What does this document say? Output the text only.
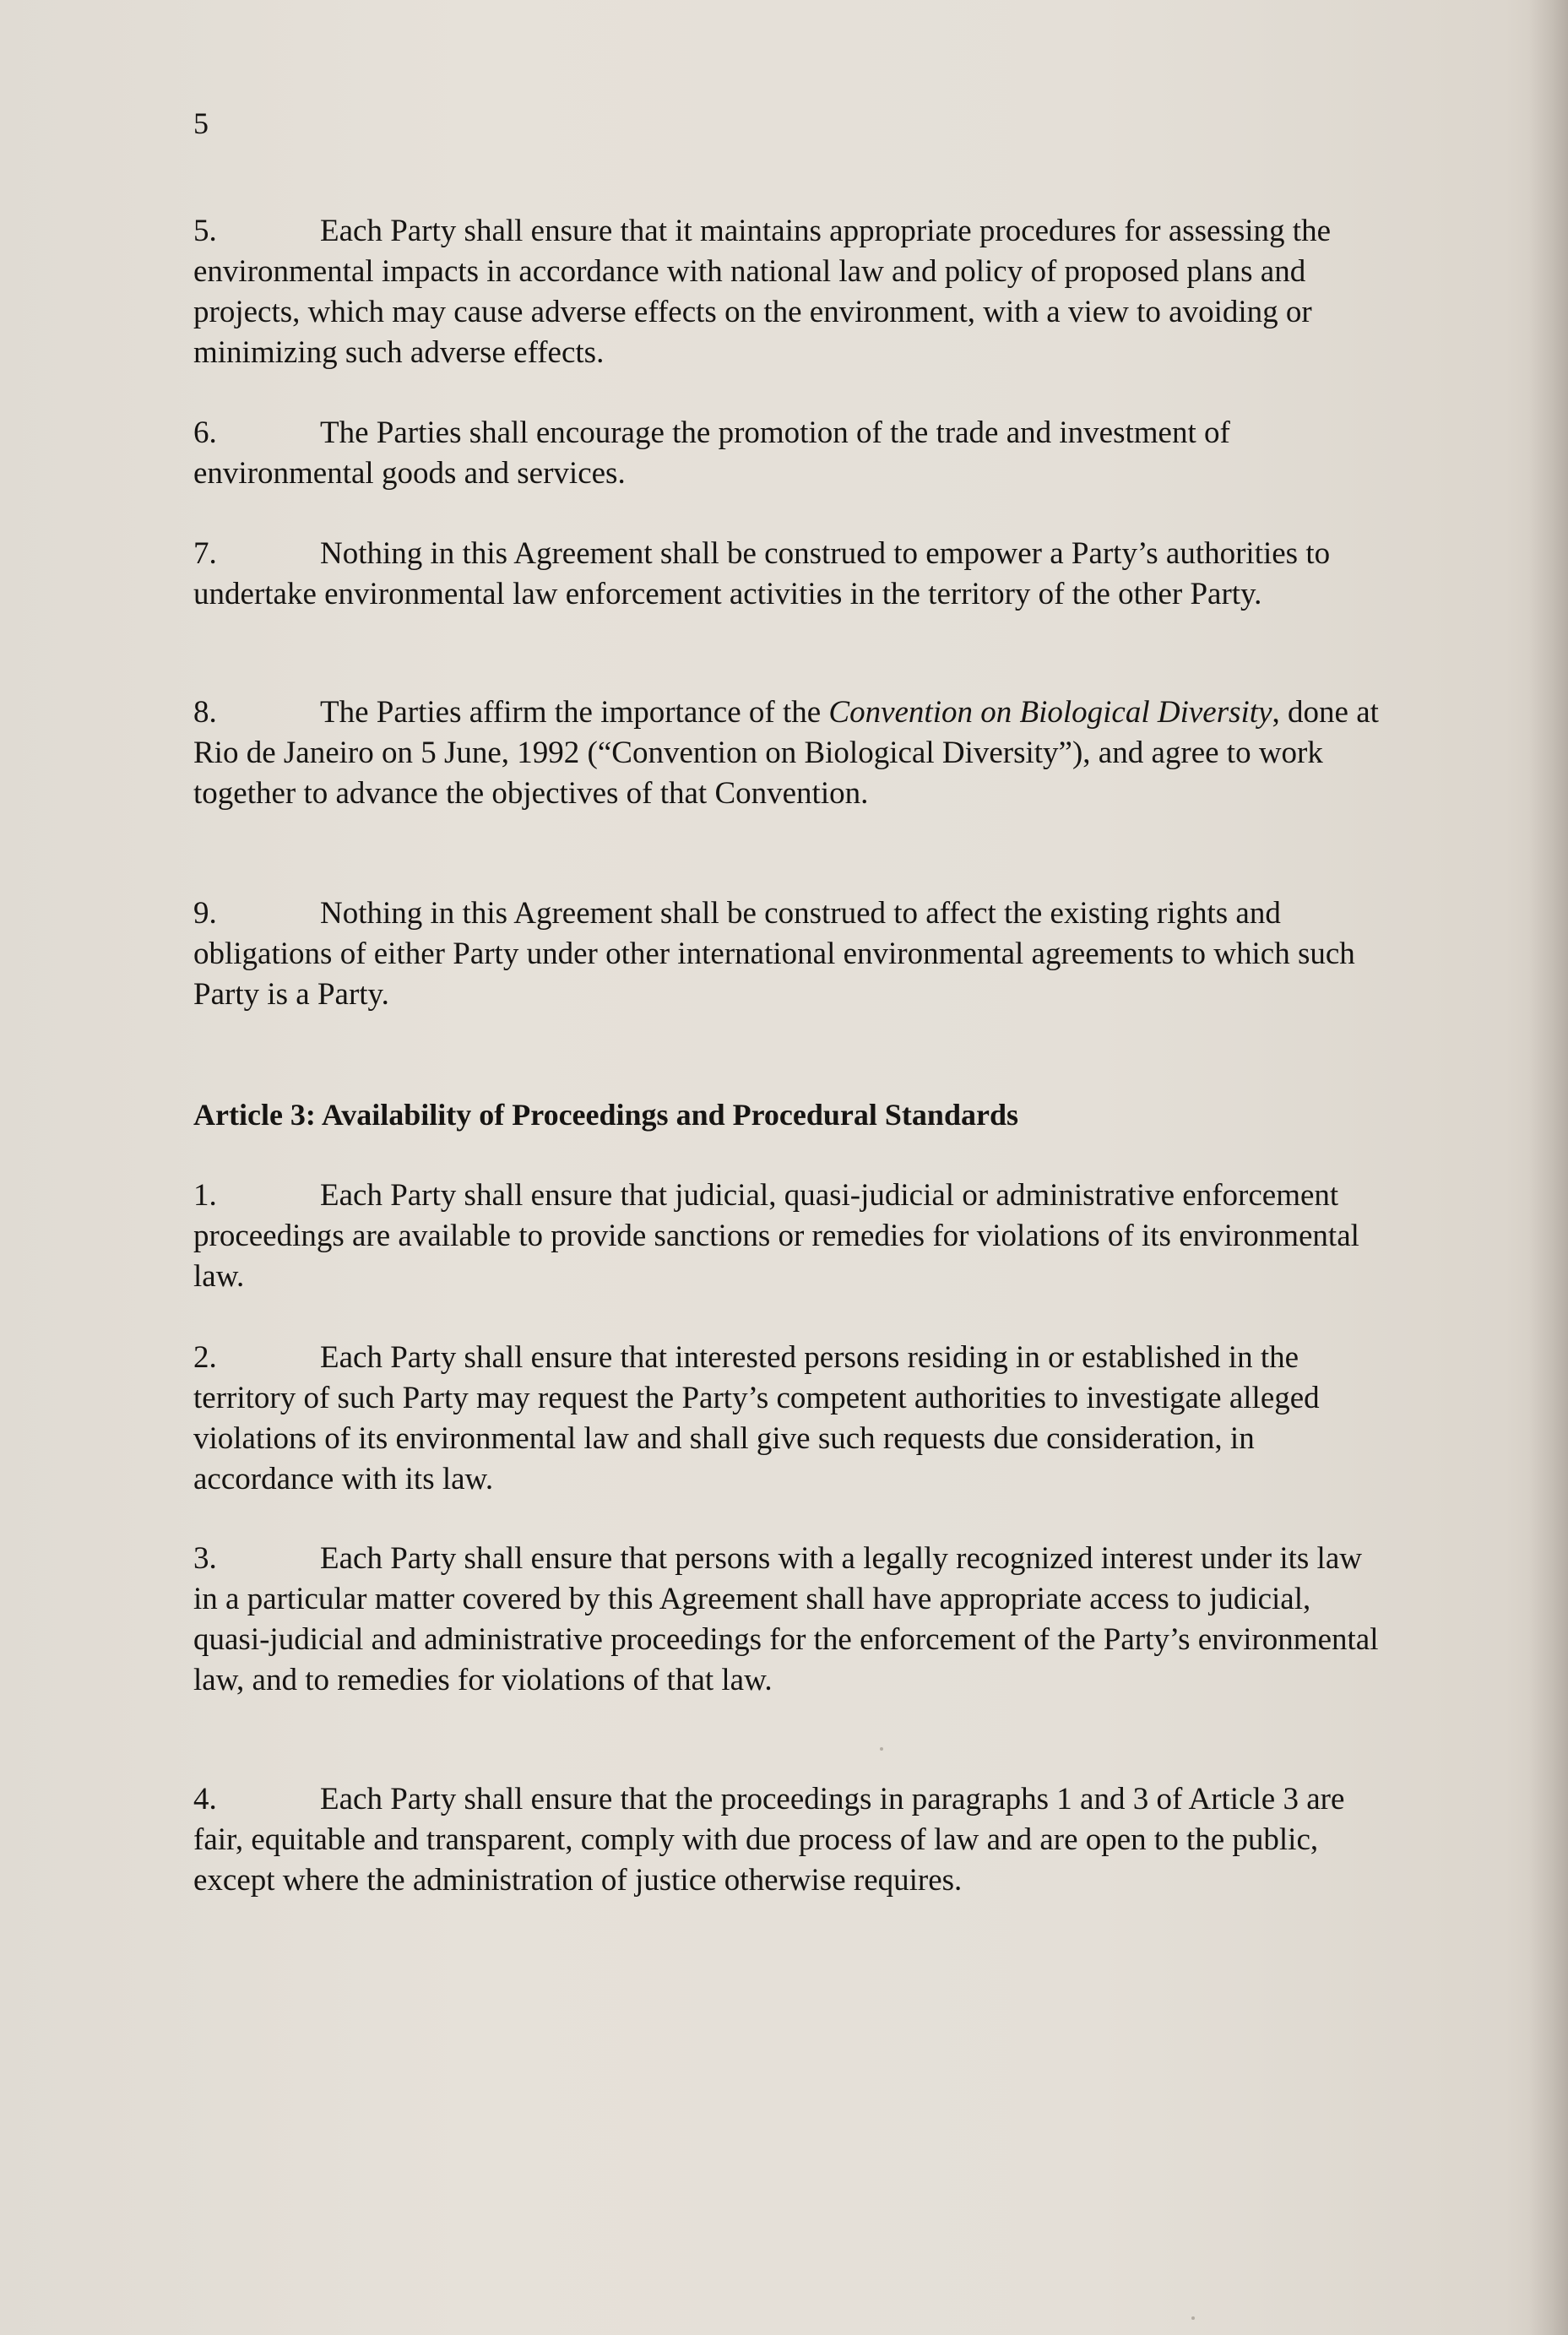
5

5.	Each Party shall ensure that it maintains appropriate procedures for assessing the environmental impacts in accordance with national law and policy of proposed plans and projects, which may cause adverse effects on the environment, with a view to avoiding or minimizing such adverse effects.

6.	The Parties shall encourage the promotion of the trade and investment of environmental goods and services.

7.	Nothing in this Agreement shall be construed to empower a Party’s authorities to undertake environmental law enforcement activities in the territory of the other Party.

8.	The Parties affirm the importance of the Convention on Biological Diversity, done at Rio de Janeiro on 5 June, 1992 (“Convention on Biological Diversity”), and agree to work together to advance the objectives of that Convention.

9.	Nothing in this Agreement shall be construed to affect the existing rights and obligations of either Party under other international environmental agreements to which such Party is a Party.

Article 3: Availability of Proceedings and Procedural Standards

1.	Each Party shall ensure that judicial, quasi-judicial or administrative enforcement proceedings are available to provide sanctions or remedies for violations of its environmental law.

2.	Each Party shall ensure that interested persons residing in or established in the territory of such Party may request the Party’s competent authorities to investigate alleged violations of its environmental law and shall give such requests due consideration, in accordance with its law.

3.	Each Party shall ensure that persons with a legally recognized interest under its law in a particular matter covered by this Agreement shall have appropriate access to judicial, quasi-judicial and administrative proceedings for the enforcement of the Party’s environmental law, and to remedies for violations of that law.

4.	Each Party shall ensure that the proceedings in paragraphs 1 and 3 of Article 3 are fair, equitable and transparent, comply with due process of law and are open to the public, except where the administration of justice otherwise requires.
